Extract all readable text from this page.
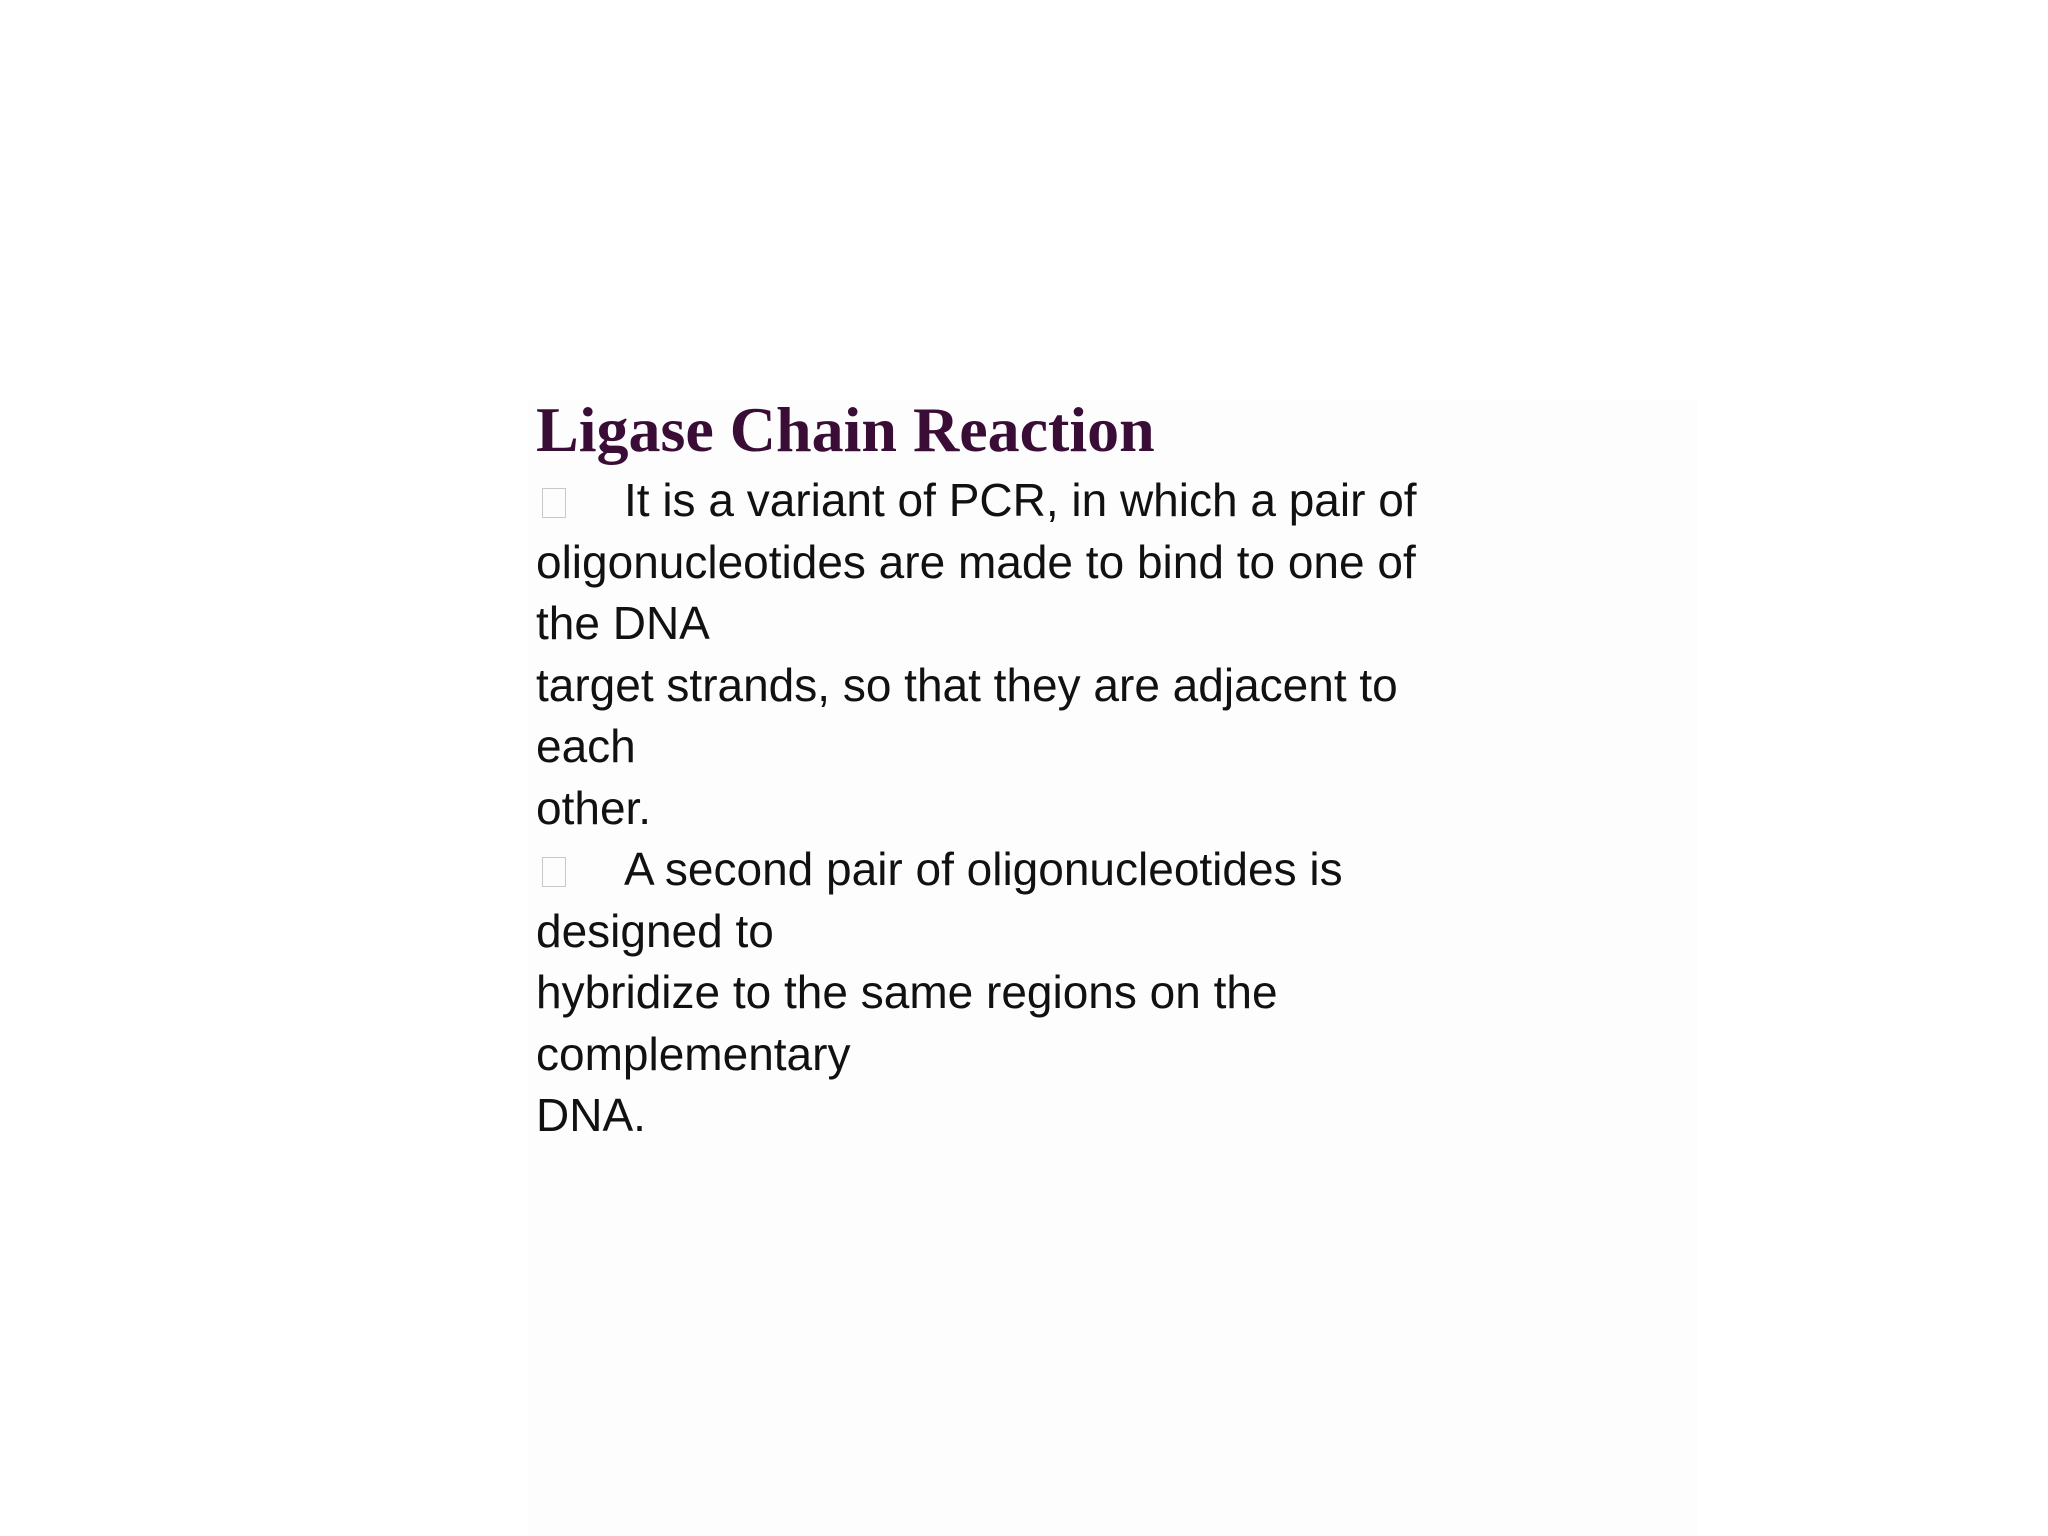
Ligase Chain Reaction
It is a variant of PCR, in which a pair of
oligonucleotides are made to bind to one of
the DNA
target strands, so that they are adjacent to
each
other.
A second pair of oligonucleotides is
designed to
hybridize to the same regions on the
complementary
DNA.
